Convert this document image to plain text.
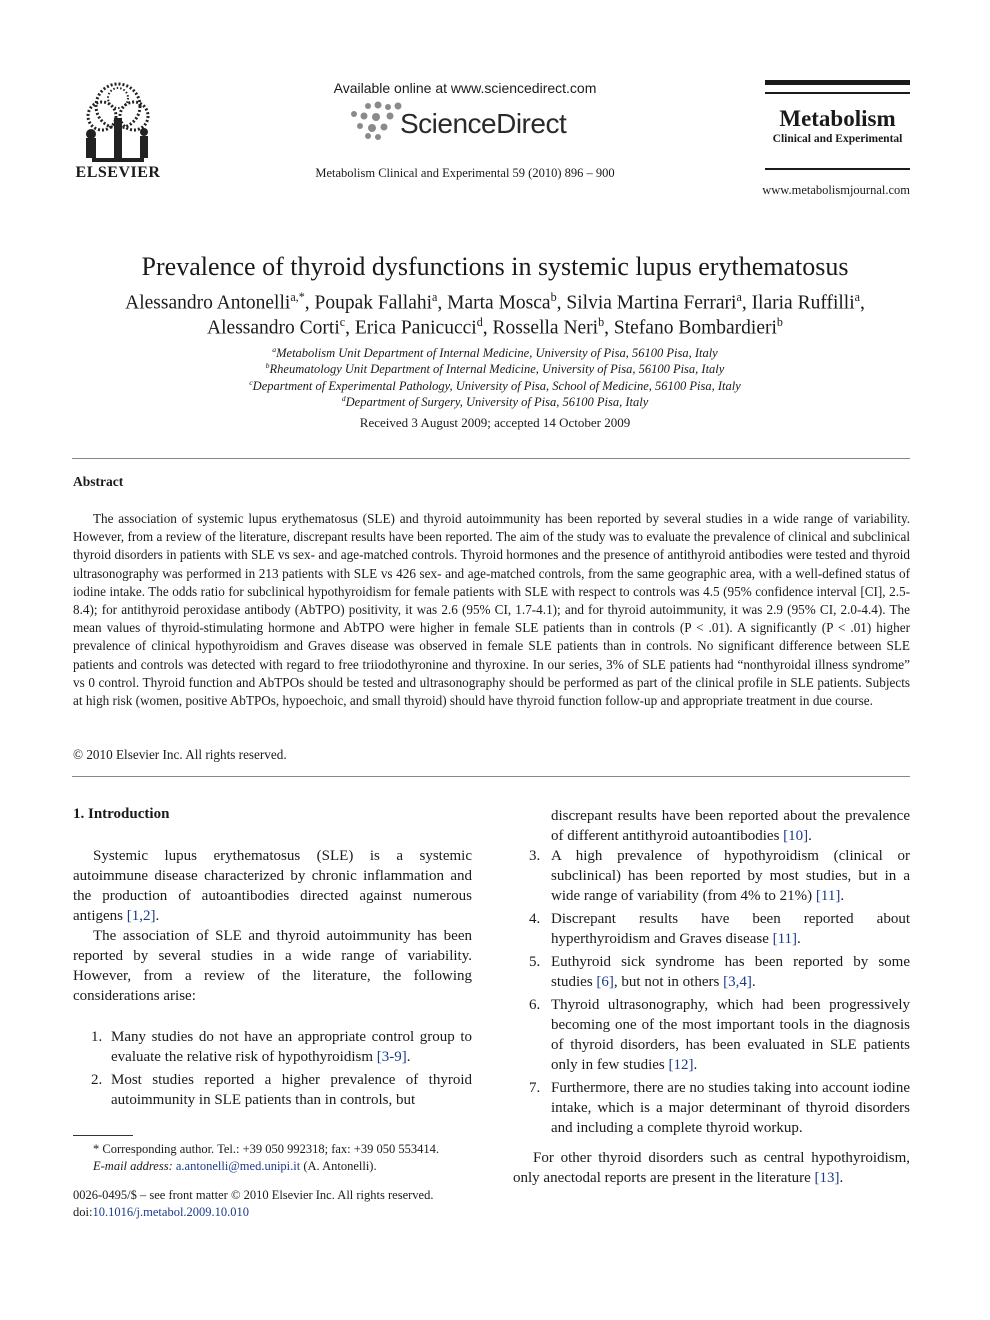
ELSEVIER
Available online at www.sciencedirect.com
ScienceDirect
Metabolism Clinical and Experimental 59 (2010) 896 – 900
Metabolism
Clinical and Experimental
www.metabolismjournal.com
Prevalence of thyroid dysfunctions in systemic lupus erythematosus
Alessandro Antonelli$^{a,*}$, Poupak Fallahi$^a$, Marta Mosca$^b$, Silvia Martina Ferrari$^a$, Ilaria Ruffilli$^a$,
Alessandro Corti$^c$, Erica Panicucci$^d$, Rossella Neri$^b$, Stefano Bombardieri$^b$
$^a$Metabolism Unit Department of Internal Medicine, University of Pisa, 56100 Pisa, Italy
$^b$Rheumatology Unit Department of Internal Medicine, University of Pisa, 56100 Pisa, Italy
$^c$Department of Experimental Pathology, University of Pisa, School of Medicine, 56100 Pisa, Italy
$^d$Department of Surgery, University of Pisa, 56100 Pisa, Italy
Received 3 August 2009; accepted 14 October 2009
Abstract
The association of systemic lupus erythematosus (SLE) and thyroid autoimmunity has been reported by several studies in a wide range of variability. However, from a review of the literature, discrepant results have been reported. The aim of the study was to evaluate the prevalence of clinical and subclinical thyroid disorders in patients with SLE vs sex- and age-matched controls. Thyroid hormones and the presence of antithyroid antibodies were tested and thyroid ultrasonography was performed in 213 patients with SLE vs 426 sex- and age-matched controls, from the same geographic area, with a well-defined status of iodine intake. The odds ratio for subclinical hypothyroidism for female patients with SLE with respect to controls was 4.5 (95% confidence interval [CI], 2.5-8.4); for antithyroid peroxidase antibody (AbTPO) positivity, it was 2.6 (95% CI, 1.7-4.1); and for thyroid autoimmunity, it was 2.9 (95% CI, 2.0-4.4). The mean values of thyroid-stimulating hormone and AbTPO were higher in female SLE patients than in controls (P < .01). A significantly (P < .01) higher prevalence of clinical hypothyroidism and Graves disease was observed in female SLE patients than in controls. No significant difference between SLE patients and controls was detected with regard to free triiodothyronine and thyroxine. In our series, 3% of SLE patients had “nonthyroidal illness syndrome” vs 0 control. Thyroid function and AbTPOs should be tested and ultrasonography should be performed as part of the clinical profile in SLE patients. Subjects at high risk (women, positive AbTPOs, hypoechoic, and small thyroid) should have thyroid function follow-up and appropriate treatment in due course.
© 2010 Elsevier Inc. All rights reserved.
1. Introduction
Systemic lupus erythematosus (SLE) is a systemic autoimmune disease characterized by chronic inflammation and the production of autoantibodies directed against numerous antigens [1,2].
The association of SLE and thyroid autoimmunity has been reported by several studies in a wide range of variability. However, from a review of the literature, the following considerations arise:
1. Many studies do not have an appropriate control group to evaluate the relative risk of hypothyroidism [3-9].
2. Most studies reported a higher prevalence of thyroid autoimmunity in SLE patients than in controls, but
discrepant results have been reported about the prevalence of different antithyroid autoantibodies [10].
3. A high prevalence of hypothyroidism (clinical or subclinical) has been reported by most studies, but in a wide range of variability (from 4% to 21%) [11].
4. Discrepant results have been reported about hyperthyroidism and Graves disease [11].
5. Euthyroid sick syndrome has been reported by some studies [6], but not in others [3,4].
6. Thyroid ultrasonography, which had been progressively becoming one of the most important tools in the diagnosis of thyroid disorders, has been evaluated in SLE patients only in few studies [12].
7. Furthermore, there are no studies taking into account iodine intake, which is a major determinant of thyroid disorders and including a complete thyroid workup.
For other thyroid disorders such as central hypothyroidism, only anectodal reports are present in the literature [13].
* Corresponding author. Tel.: +39 050 992318; fax: +39 050 553414.
E-mail address: a.antonelli@med.unipi.it (A. Antonelli).
0026-0495/$ – see front matter © 2010 Elsevier Inc. All rights reserved.
doi:10.1016/j.metabol.2009.10.010
